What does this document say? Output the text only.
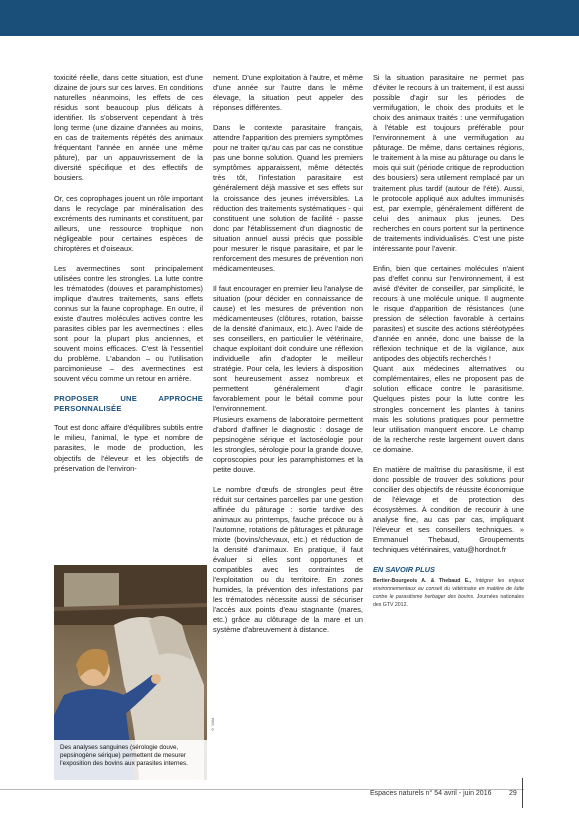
toxicité réelle, dans cette situation, est d'une dizaine de jours sur ces larves. En conditions naturelles néanmoins, les effets de ces résidus sont beaucoup plus délicats à identifier. Ils s'observent cependant à très long terme (une dizaine d'années au moins, en cas de traitements répétés des animaux fréquentant l'année en année une même pâture), par un appauvrissement de la diversité spécifique et des effectifs de bousiers.

Or, ces coprophages jouent un rôle important dans le recyclage par minéralisation des excréments des ruminants et constituent, par ailleurs, une ressource trophique non négligeable pour certaines espèces de chiroptères et d'oiseaux.

Les avermectines sont principalement utilisées contre les strongles. La lutte contre les trématodes (douves et paramphistomes) implique d'autres traitements, sans effets connus sur la faune coprophage. En outre, il existe d'autres molécules actives contre les parasites cibles par les avermectines : elles sont pour la plupart plus anciennes, et souvent moins efficaces. C'est là l'essentiel du problème. L'abandon – ou l'utilisation parcimonieuse – des avermectines est souvent vécu comme un retour en arrière.

PROPOSER UNE APPROCHE PERSONNALISÉE

Tout est donc affaire d'équilibres subtils entre le milieu, l'animal, le type et nombre de parasites, le mode de production, les objectifs de l'éleveur et les objectifs de préservation de l'environ-

Des analyses sanguines (sérologie douve, pepsinogène sérique) permettent de mesurer l'exposition des bovins aux parasites internes.
© Wild

nement. D'une exploitation à l'autre, et même d'une année sur l'autre dans le même élevage, la situation peut appeler des réponses différentes.

Dans le contexte parasitaire français, attendre l'apparition des premiers symptômes pour ne traiter qu'au cas par cas ne constitue pas une bonne solution. Quand les premiers symptômes apparaissent, même détectés très tôt, l'infestation parasitaire est généralement déjà massive et ses effets sur la croissance des jeunes irréversibles. La réduction des traitements systématiques - qui constituent une solution de facilité - passe donc par l'établissement d'un diagnostic de situation annuel aussi précis que possible pour mesurer le risque parasitaire, et par le renforcement des mesures de prévention non médicamenteuses.

Il faut encourager en premier lieu l'analyse de situation (pour décider en connaissance de cause) et les mesures de prévention non médicamenteuses (clôtures, rotation, baisse de la densité d'animaux, etc.). Avec l'aide de ses conseillers, en particulier le vétérinaire, chaque exploitant doit conduire une réflexion individuelle afin d'adopter le meilleur stratégie. Pour cela, les leviers à disposition sont heureusement assez nombreux et permettent généralement d'agir favorablement pour le bétail comme pour l'environnement.

Plusieurs examens de laboratoire permettent d'abord d'affiner le diagnostic : dosage de pepsinogène sérique et lactoséologie pour les strongles, sérologie pour la grande douve, coproscopies pour les paramphistomes et la petite douve.

Le nombre d'œufs de strongles peut être réduit sur certaines parcelles par une gestion affinée du pâturage : sortie tardive des animaux au printemps, fauche précoce ou à l'automne, rotations de pâturages et pâturage mixte (bovins/chevaux, etc.) et réduction de la densité d'animaux. En pratique, il faut évaluer si elles sont opportunes et compatibles avec les contraintes de l'exploitation ou du territoire. En zones humides, la prévention des infestations par les trématodes nécessite aussi de sécuriser l'accès aux points d'eau stagnante (mares, etc.) grâce au clôturage de la mare et un système d'abreuvement à distance.

Si la situation parasitaire ne permet pas d'éviter le recours à un traitement, il est aussi possible d'agir sur les périodes de vermifugation, le choix des produits et le choix des animaux traités : une vermifugation à l'étable est toujours préférable pour l'environnement à une vermifugation au pâturage. De même, dans certaines régions, le traitement à la mise au pâturage ou dans le mois qui suit (période critique de reproduction des bousiers) sera utilement remplacé par un traitement plus tardif (autour de l'été). Aussi, le protocole appliqué aux adultes immunisés est, par exemple, généralement différent de celui des animaux plus jeunes. Des recherches en cours portent sur la pertinence de traitements individualisés. C'est une piste intéressante pour l'avenir.

Enfin, bien que certaines molécules n'aient pas d'effet connu sur l'environnement, il est avisé d'éviter de conseiller, par simplicité, le recours à une molécule unique. Il augmente le risque d'apparition de résistances (une pression de sélection favorable à certains parasites) et suscite des actions stéréotypées d'année en année, donc une baisse de la réflexion technique et de la vigilance, aux antipodes des objectifs recherchés !

Quant aux médecines alternatives ou complémentaires, elles ne proposent pas de solution efficace contre le parasitisme. Quelques pistes pour la lutte contre les strongles concernent les plantes à tanins mais les solutions pratiques pour permettre leur utilisation manquent encore. Le champ de la recherche reste largement ouvert dans ce domaine.

En matière de maîtrise du parasitisme, il est donc possible de trouver des solutions pour concilier des objectifs de réussite économique de l'élevage et de protection des écosystèmes. À condition de recourir à une analyse fine, au cas par cas, impliquant l'éleveur et ses conseillers techniques. » Emmanuel Thebaud, Groupements techniques vétérinaires, vatu@hordnot.fr

EN SAVOIR PLUS
Bertier-Bourgeois A. & Thebaud E., Intégrer les enjeux environnementaux au conseil du vétérinaire en matière de lutte contre le parasitisme herbager des bovins. Journées nationales des GTV 2012.
Espaces naturels n° 54 avril - juin 2016	29
